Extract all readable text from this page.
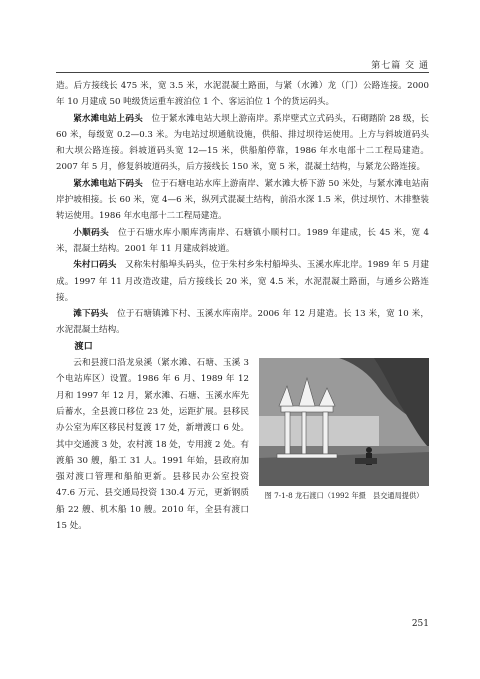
第七篇 交 通

造。后方接线长 475 米，宽 3.5 米，水泥混凝土路面，与紧（水滩）龙（门）公路连接。2000 年 10 月建成 50 吨级货运重车渡泊位 1 个、客运泊位 1 个的货运码头。

紧水滩电站上码头　位于紧水滩电站大坝上游南岸。系岸壁式立式码头，石砌踏阶 28 级，长 60 米，每级宽 0.2—0.3 米。为电站过坝通航设施，供船、排过坝待运使用。上方与斜坡道码头和大坝公路连接。斜坡道码头宽 12—15 米，供船舶停靠，1986 年水电部十二工程局建造。2007 年 5 月，修复斜坡道码头，后方接线长 150 米，宽 5 米，混凝土结构，与紧龙公路连接。

紧水滩电站下码头　位于石塘电站水库上游南岸、紧水滩大桥下游 50 米处，与紧水滩电站南岸护坡相接。长 60 米，宽 4—6 米，纵列式混凝土结构，前沿水深 1.5 米，供过坝竹、木排整装转运使用。1986 年水电部十二工程局建造。

小顺码头　位于石塘水库小顺库湾南岸、石塘镇小顺村口。1989 年建成，长 45 米，宽 4 米，混凝土结构。2001 年 11 月建成斜坡道。

朱村口码头　又称朱村船埠头码头，位于朱村乡朱村船埠头、玉溪水库北岸。1989 年 5 月建成。1997 年 11 月改造改建，后方接线长 20 米，宽 4.5 米，水泥混凝土路面，与通乡公路连接。

滩下码头　位于石塘镇滩下村、玉溪水库南岸。2006 年 12 月建造。长 13 米，宽 10 米，水泥混凝土结构。

渡口

图 7-1-8 龙石渡口（1992 年摄　县交通局提供）

云和县渡口沿龙泉溪（紧水滩、石塘、玉溪 3 个电站库区）设置。1986 年 6 月、1989 年 12 月和 1997 年 12 月，紧水滩、石塘、玉溪水库先后蓄水，全县渡口移位 23 处，运距扩展。县移民办公室为库区移民村复渡 17 处，新增渡口 6 处。其中交通渡 3 处，农村渡 18 处，专用渡 2 处。有渡船 30 艘，船工 31 人。1991 年始，县政府加强对渡口管理和船舶更新。县移民办公室投资 47.6 万元、县交通局投资 130.4 万元，更新钢质船 22 艘、机木船 10 艘。2010 年，全县有渡口 15 处。

251
